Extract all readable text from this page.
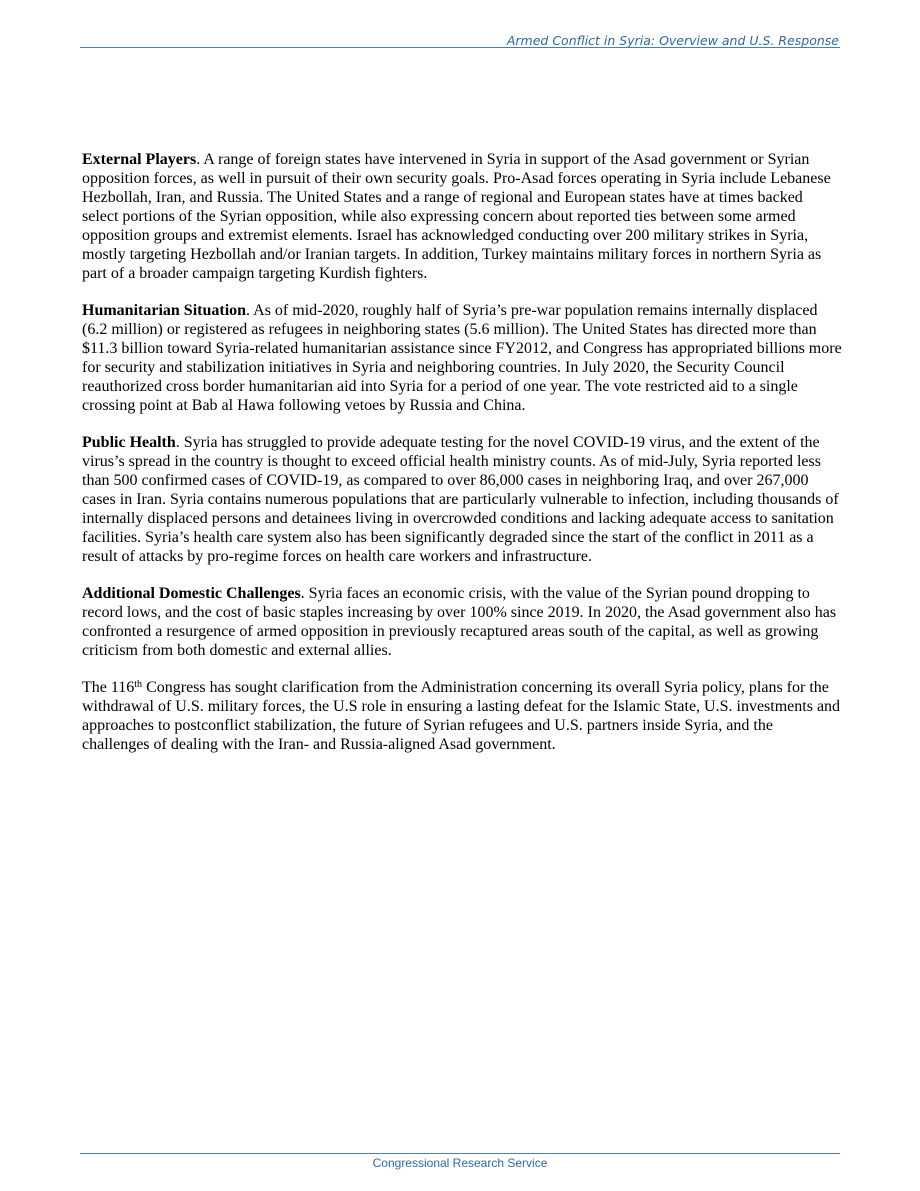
Armed Conflict in Syria: Overview and U.S. Response

External Players. A range of foreign states have intervened in Syria in support of the Asad government or Syrian opposition forces, as well in pursuit of their own security goals. Pro-Asad forces operating in Syria include Lebanese Hezbollah, Iran, and Russia. The United States and a range of regional and European states have at times backed select portions of the Syrian opposition, while also expressing concern about reported ties between some armed opposition groups and extremist elements. Israel has acknowledged conducting over 200 military strikes in Syria, mostly targeting Hezbollah and/or Iranian targets. In addition, Turkey maintains military forces in northern Syria as part of a broader campaign targeting Kurdish fighters.

Humanitarian Situation. As of mid-2020, roughly half of Syria’s pre-war population remains internally displaced (6.2 million) or registered as refugees in neighboring states (5.6 million). The United States has directed more than $11.3 billion toward Syria-related humanitarian assistance since FY2012, and Congress has appropriated billions more for security and stabilization initiatives in Syria and neighboring countries. In July 2020, the Security Council reauthorized cross border humanitarian aid into Syria for a period of one year. The vote restricted aid to a single crossing point at Bab al Hawa following vetoes by Russia and China.

Public Health. Syria has struggled to provide adequate testing for the novel COVID-19 virus, and the extent of the virus’s spread in the country is thought to exceed official health ministry counts. As of mid-July, Syria reported less than 500 confirmed cases of COVID-19, as compared to over 86,000 cases in neighboring Iraq, and over 267,000 cases in Iran. Syria contains numerous populations that are particularly vulnerable to infection, including thousands of internally displaced persons and detainees living in overcrowded conditions and lacking adequate access to sanitation facilities. Syria’s health care system also has been significantly degraded since the start of the conflict in 2011 as a result of attacks by pro-regime forces on health care workers and infrastructure.

Additional Domestic Challenges. Syria faces an economic crisis, with the value of the Syrian pound dropping to record lows, and the cost of basic staples increasing by over 100% since 2019. In 2020, the Asad government also has confronted a resurgence of armed opposition in previously recaptured areas south of the capital, as well as growing criticism from both domestic and external allies.

The 116th Congress has sought clarification from the Administration concerning its overall Syria policy, plans for the withdrawal of U.S. military forces, the U.S role in ensuring a lasting defeat for the Islamic State, U.S. investments and approaches to postconflict stabilization, the future of Syrian refugees and U.S. partners inside Syria, and the challenges of dealing with the Iran- and Russia-aligned Asad government.

Congressional Research Service
